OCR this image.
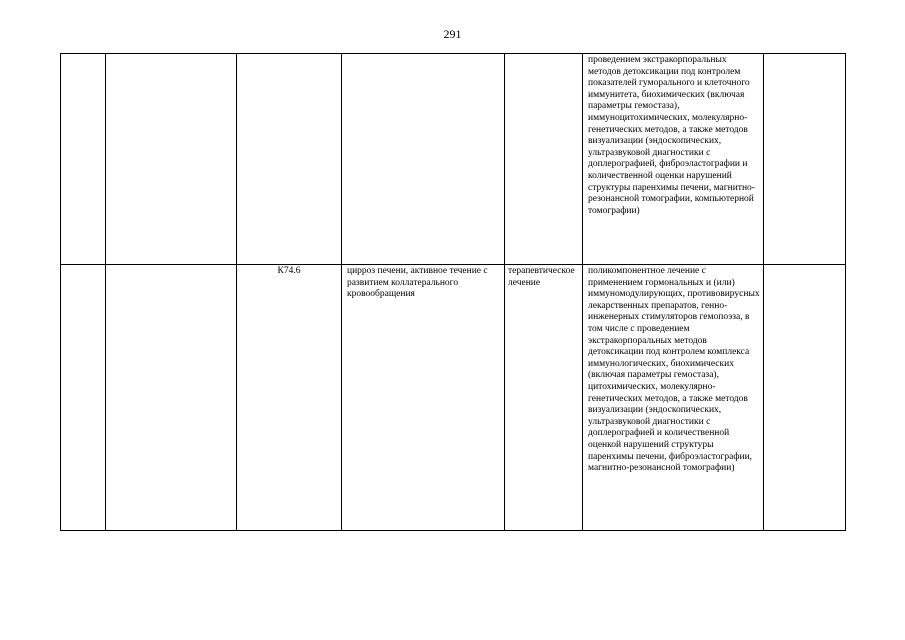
291

					проведением экстракорпоральных методов детоксикации под контролем показателей гуморального и клеточного иммунитета, биохимических (включая параметры гемостаза), иммуноцитохимических, молекулярно-генетических методов, а также методов визуализации (эндоскопических, ультразвуковой диагностики с доплерографией, фиброэластографии и количественной оценки нарушений структуры паренхимы печени, магнитно-резонансной томографии, компьютерной томографии)	

		К74.6	цирроз печени, активное течение с развитием коллатерального кровообращения	терапевтическое лечение	поликомпонентное лечение с применением гормональных и (или) иммуномодулирующих, противовирусных лекарственных препаратов, генно-инженерных стимуляторов гемопоэза, в том числе с проведением экстракорпоральных методов детоксикации под контролем комплекса иммунологических, биохимических (включая параметры гемостаза), цитохимических, молекулярно-генетических методов, а также методов визуализации (эндоскопических, ультразвуковой диагностики с доплерографией и количественной оценкой нарушений структуры паренхимы печени, фиброэластографии, магнитно-резонансной томографии)	
